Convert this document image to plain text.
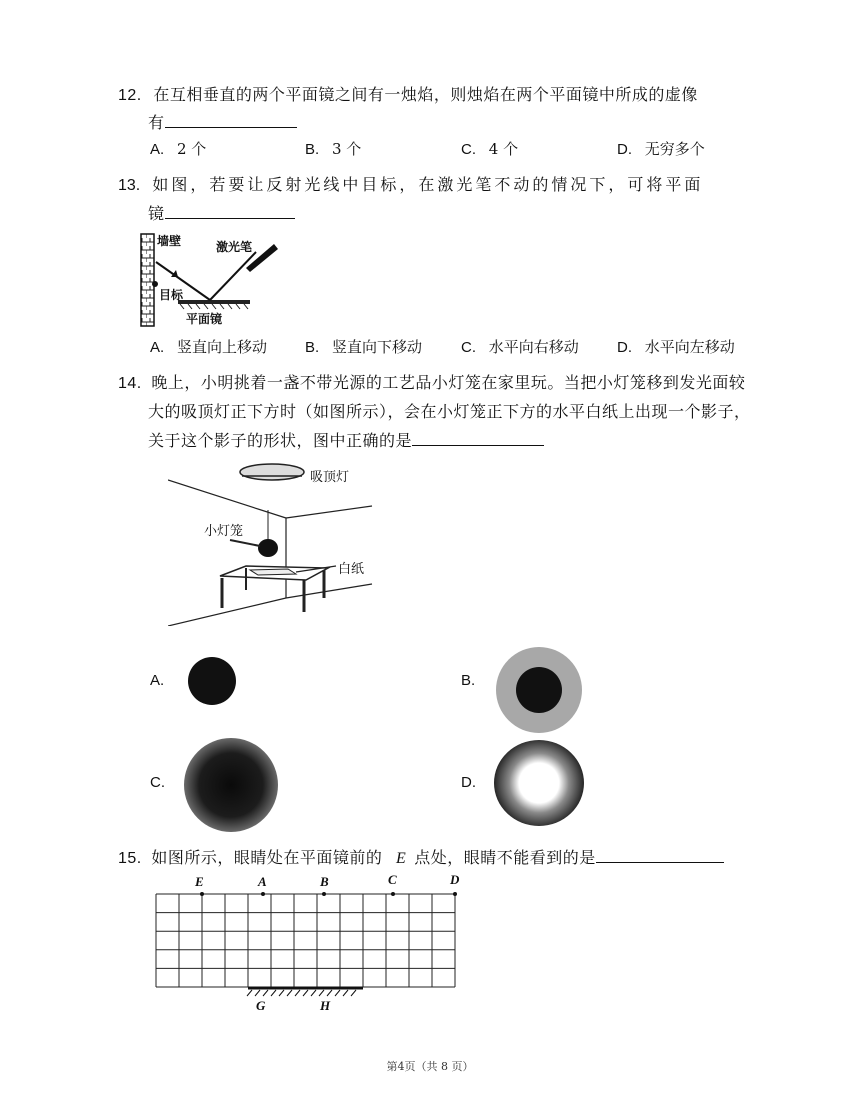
12. 在互相垂直的两个平面镜之间有一烛焰，则烛焰在两个平面镜中所成的虚像
有
A. 2 个	B. 3 个	C. 4 个	D. 无穷多个
13. 如图，若要让反射光线中目标，在激光笔不动的情况下，可将平面
镜
墙壁	激光笔
目标
平面镜
A. 竖直向上移动	B. 竖直向下移动	C. 水平向右移动	D. 水平向左移动
14. 晚上，小明挑着一盏不带光源的工艺品小灯笼在家里玩。当把小灯笼移到发光面较
大的吸顶灯正下方时（如图所示），会在小灯笼正下方的水平白纸上出现一个影子，
关于这个影子的形状，图中正确的是
吸顶灯
小灯笼
白纸
A.	B.
C.	D.
15. 如图所示，眼睛处在平面镜前的 E 点处，眼睛不能看到的是
E	A	B	C	D
G	H
第4页（共 8 页）
